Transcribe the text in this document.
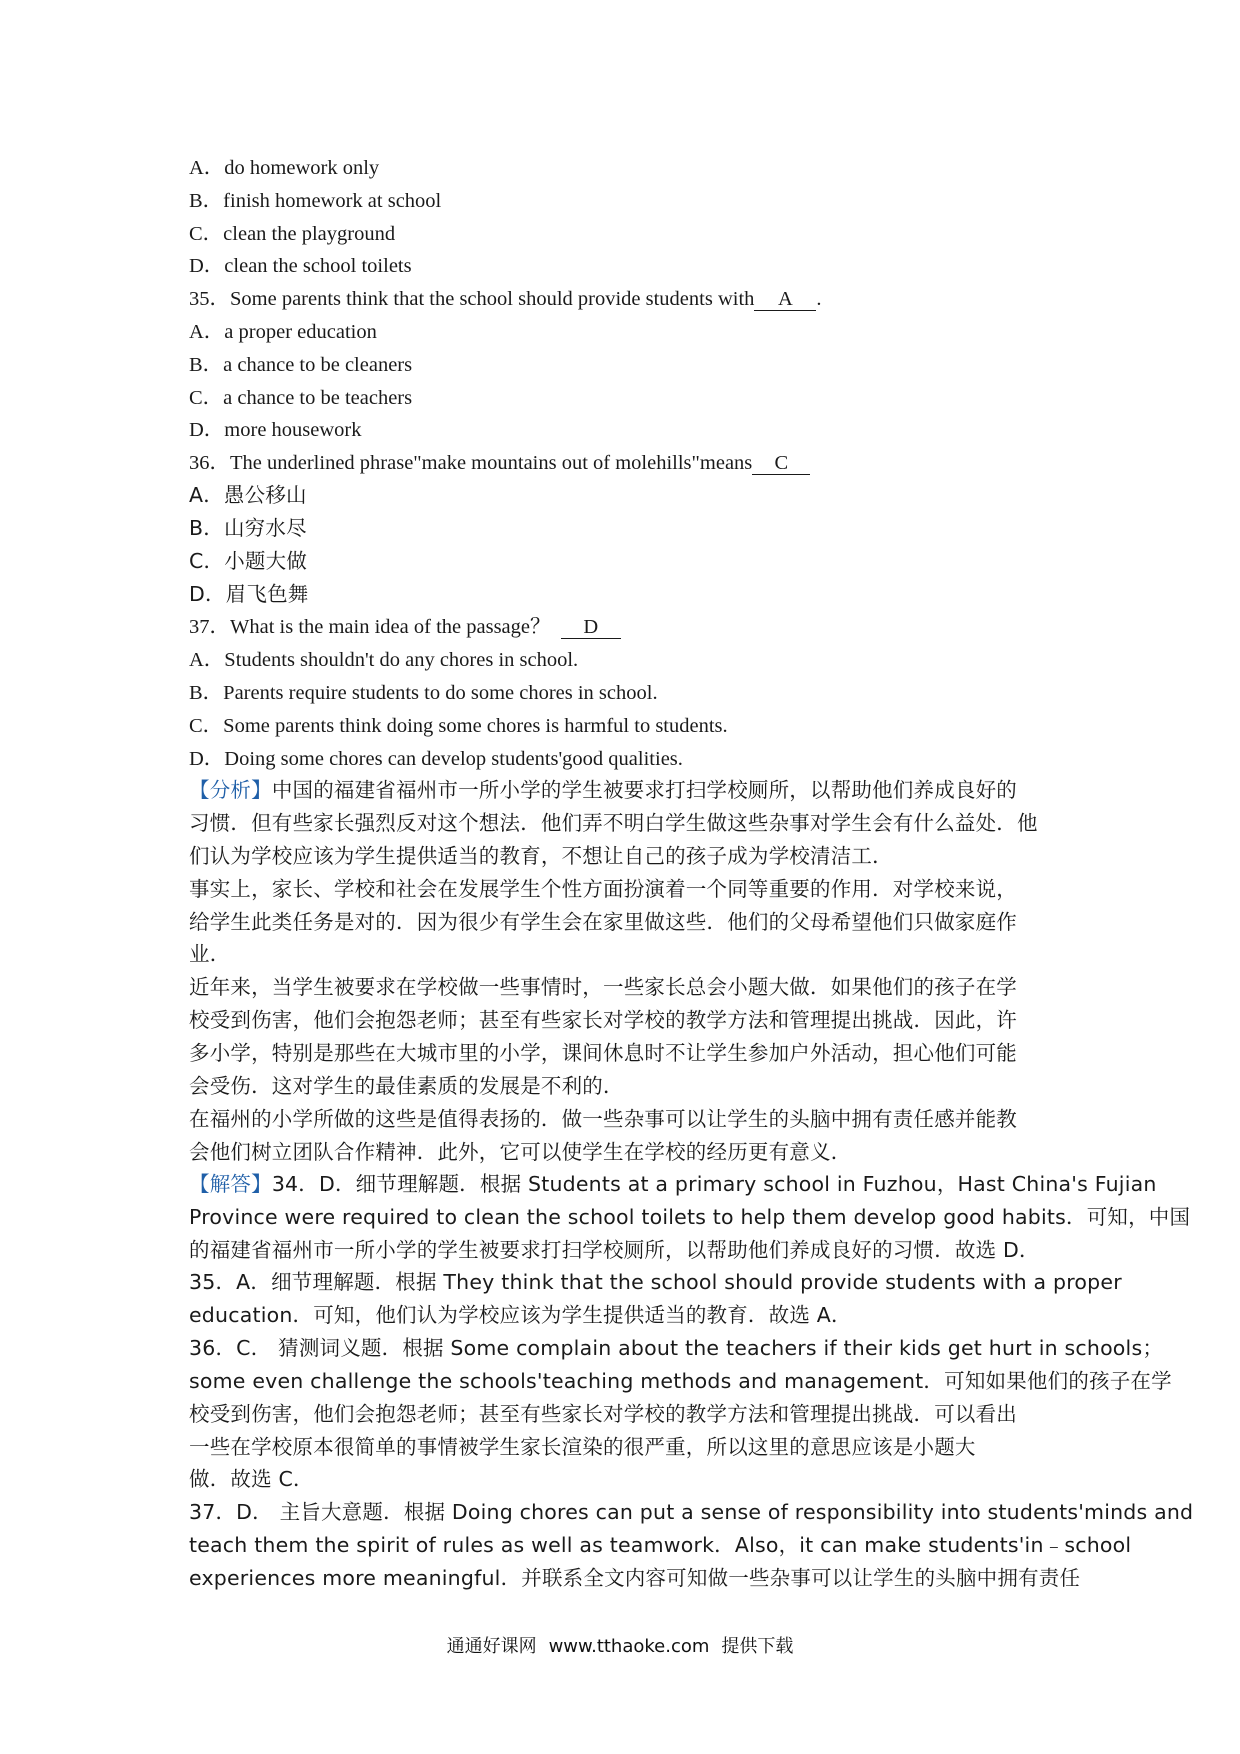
A．do homework only
B．finish homework at school
C．clean the playground
D．clean the school toilets
35．Some parents think that the school should provide students with A .
A．a proper education
B．a chance to be cleaners
C．a chance to be teachers
D．more housework
36．The underlined phrase"make mountains out of molehills"means C
A．愚公移山
B．山穷水尽
C．小题大做
D．眉飞色舞
37．What is the main idea of the passage？ D
A．Students shouldn't do any chores in school.
B．Parents require students to do some chores in school.
C．Some parents think doing some chores is harmful to students.
D．Doing some chores can develop students'good qualities.
【分析】中国的福建省福州市一所小学的学生被要求打扫学校厕所，以帮助他们养成良好的
习惯．但有些家长强烈反对这个想法．他们弄不明白学生做这些杂事对学生会有什么益处．他
们认为学校应该为学生提供适当的教育，不想让自己的孩子成为学校清洁工．
事实上，家长、学校和社会在发展学生个性方面扮演着一个同等重要的作用．对学校来说，
给学生此类任务是对的．因为很少有学生会在家里做这些．他们的父母希望他们只做家庭作
业．
近年来，当学生被要求在学校做一些事情时，一些家长总会小题大做．如果他们的孩子在学
校受到伤害，他们会抱怨老师；甚至有些家长对学校的教学方法和管理提出挑战．因此，许
多小学，特别是那些在大城市里的小学，课间休息时不让学生参加户外活动，担心他们可能
会受伤．这对学生的最佳素质的发展是不利的．
在福州的小学所做的这些是值得表扬的．做一些杂事可以让学生的头脑中拥有责任感并能教
会他们树立团队合作精神．此外，它可以使学生在学校的经历更有意义．
【解答】34．D．细节理解题．根据 Students at a primary school in Fuzhou，Hast China's Fujian
Province were required to clean the school toilets to help them develop good habits．可知，中国
的福建省福州市一所小学的学生被要求打扫学校厕所，以帮助他们养成良好的习惯．故选 D．
35．A．细节理解题．根据 They think that the school should provide students with a proper
education．可知，他们认为学校应该为学生提供适当的教育．故选 A．
36．C． 猜测词义题．根据 Some complain about the teachers if their kids get hurt in schools；
some even challenge the schools'teaching methods and management．可知如果他们的孩子在学
校受到伤害，他们会抱怨老师；甚至有些家长对学校的教学方法和管理提出挑战．可以看出
一些在学校原本很简单的事情被学生家长渲染的很严重，所以这里的意思应该是小题大
做．故选 C．
37．D． 主旨大意题．根据 Doing chores can put a sense of responsibility into students'minds and
teach them the spirit of rules as well as teamwork．Also，it can make students'in﹣school
experiences more meaningful．并联系全文内容可知做一些杂事可以让学生的头脑中拥有责任
通通好课网 www.tthaoke.com 提供下载
